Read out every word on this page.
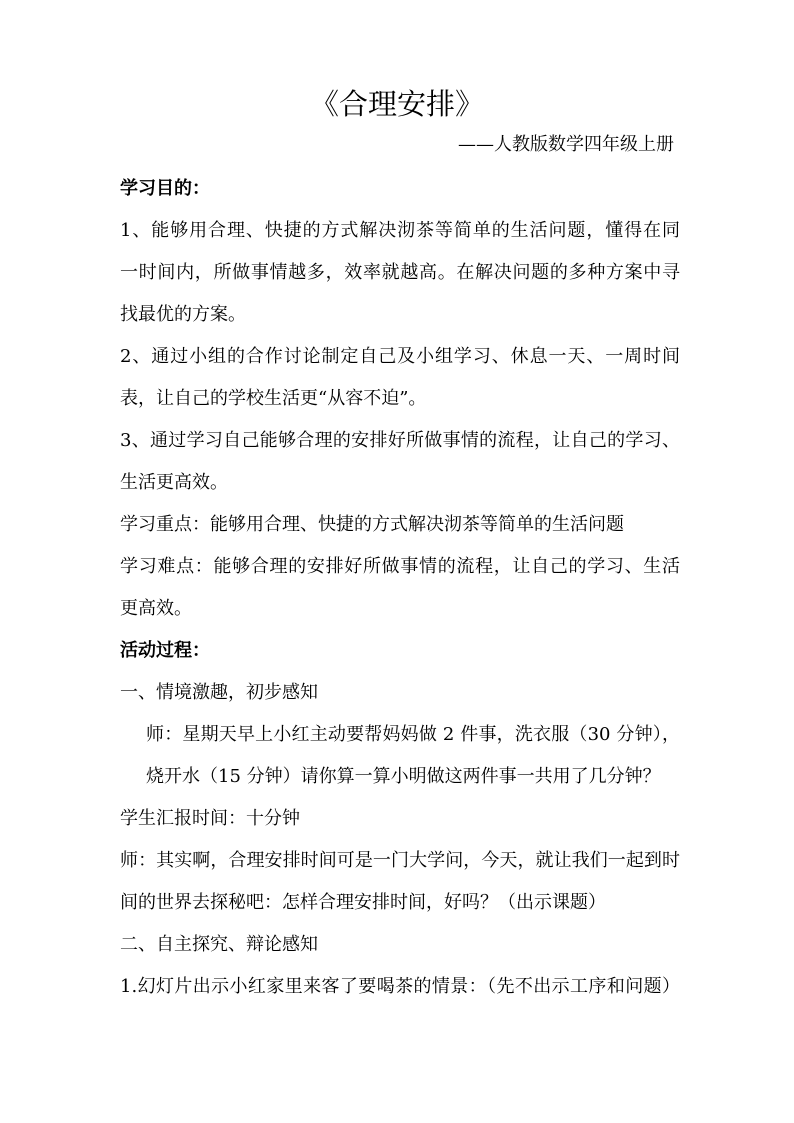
《合理安排》
——人教版数学四年级上册
学习目的：
1、能够用合理、快捷的方式解决沏茶等简单的生活问题，懂得在同
一时间内，所做事情越多，效率就越高。在解决问题的多种方案中寻
找最优的方案。
2、通过小组的合作讨论制定自己及小组学习、休息一天、一周时间
表，让自己的学校生活更“从容不迫”。
3、通过学习自己能够合理的安排好所做事情的流程，让自己的学习、
生活更高效。
学习重点：能够用合理、快捷的方式解决沏茶等简单的生活问题
学习难点：能够合理的安排好所做事情的流程，让自己的学习、生活
更高效。
活动过程：
一、情境激趣，初步感知
师：星期天早上小红主动要帮妈妈做 2 件事，洗衣服（30 分钟），
烧开水（15 分钟）请你算一算小明做这两件事一共用了几分钟？
学生汇报时间：十分钟
师：其实啊，合理安排时间可是一门大学问，今天，就让我们一起到时
间的世界去探秘吧：怎样合理安排时间，好吗？（出示课题）
二、自主探究、辩论感知
1.幻灯片出示小红家里来客了要喝茶的情景：（先不出示工序和问题）
